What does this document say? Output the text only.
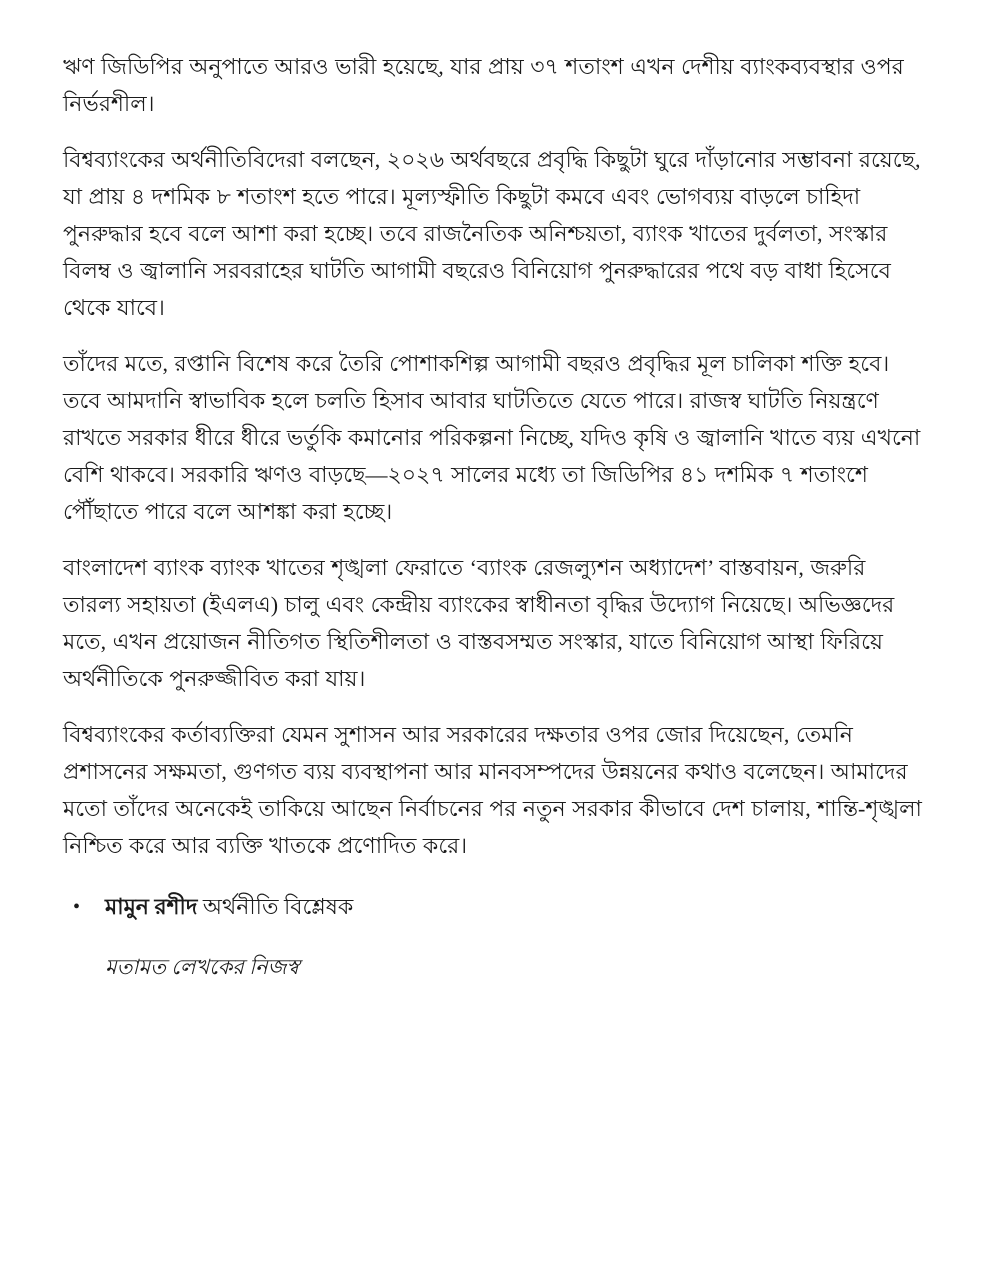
ঋণ জিডিপির অনুপাতে আরও ভারী হয়েছে, যার প্রায় ৩৭ শতাংশ এখন দেশীয় ব্যাংকব্যবস্থার ওপর নির্ভরশীল।

বিশ্বব্যাংকের অর্থনীতিবিদেরা বলছেন, ২০২৬ অর্থবছরে প্রবৃদ্ধি কিছুটা ঘুরে দাঁড়ানোর সম্ভাবনা রয়েছে, যা প্রায় ৪ দশমিক ৮ শতাংশ হতে পারে। মূল্যস্ফীতি কিছুটা কমবে এবং ভোগব্যয় বাড়লে চাহিদা পুনরুদ্ধার হবে বলে আশা করা হচ্ছে। তবে রাজনৈতিক অনিশ্চয়তা, ব্যাংক খাতের দুর্বলতা, সংস্কার বিলম্ব ও জ্বালানি সরবরাহের ঘাটতি আগামী বছরেও বিনিয়োগ পুনরুদ্ধারের পথে বড় বাধা হিসেবে থেকে যাবে।

তাঁদের মতে, রপ্তানি বিশেষ করে তৈরি পোশাকশিল্প আগামী বছরও প্রবৃদ্ধির মূল চালিকা শক্তি হবে। তবে আমদানি স্বাভাবিক হলে চলতি হিসাব আবার ঘাটতিতে যেতে পারে। রাজস্ব ঘাটতি নিয়ন্ত্রণে রাখতে সরকার ধীরে ধীরে ভর্তুকি কমানোর পরিকল্পনা নিচ্ছে, যদিও কৃষি ও জ্বালানি খাতে ব্যয় এখনো বেশি থাকবে। সরকারি ঋণও বাড়ছে—২০২৭ সালের মধ্যে তা জিডিপির ৪১ দশমিক ৭ শতাংশে পৌঁছাতে পারে বলে আশঙ্কা করা হচ্ছে।

বাংলাদেশ ব্যাংক ব্যাংক খাতের শৃঙ্খলা ফেরাতে ‘ব্যাংক রেজল্যুশন অধ্যাদেশ’ বাস্তবায়ন, জরুরি তারল্য সহায়তা (ইএলএ) চালু এবং কেন্দ্রীয় ব্যাংকের স্বাধীনতা বৃদ্ধির উদ্যোগ নিয়েছে। অভিজ্ঞদের মতে, এখন প্রয়োজন নীতিগত স্থিতিশীলতা ও বাস্তবসম্মত সংস্কার, যাতে বিনিয়োগ আস্থা ফিরিয়ে অর্থনীতিকে পুনরুজ্জীবিত করা যায়।

বিশ্বব্যাংকের কর্তাব্যক্তিরা যেমন সুশাসন আর সরকারের দক্ষতার ওপর জোর দিয়েছেন, তেমনি প্রশাসনের সক্ষমতা, গুণগত ব্যয় ব্যবস্থাপনা আর মানবসম্পদের উন্নয়নের কথাও বলেছেন। আমাদের মতো তাঁদের অনেকেই তাকিয়ে আছেন নির্বাচনের পর নতুন সরকার কীভাবে দেশ চালায়, শান্তি-শৃঙ্খলা নিশ্চিত করে আর ব্যক্তি খাতকে প্রণোদিত করে।

•	মামুন রশীদ অর্থনীতি বিশ্লেষক
মতামত লেখকের নিজস্ব
